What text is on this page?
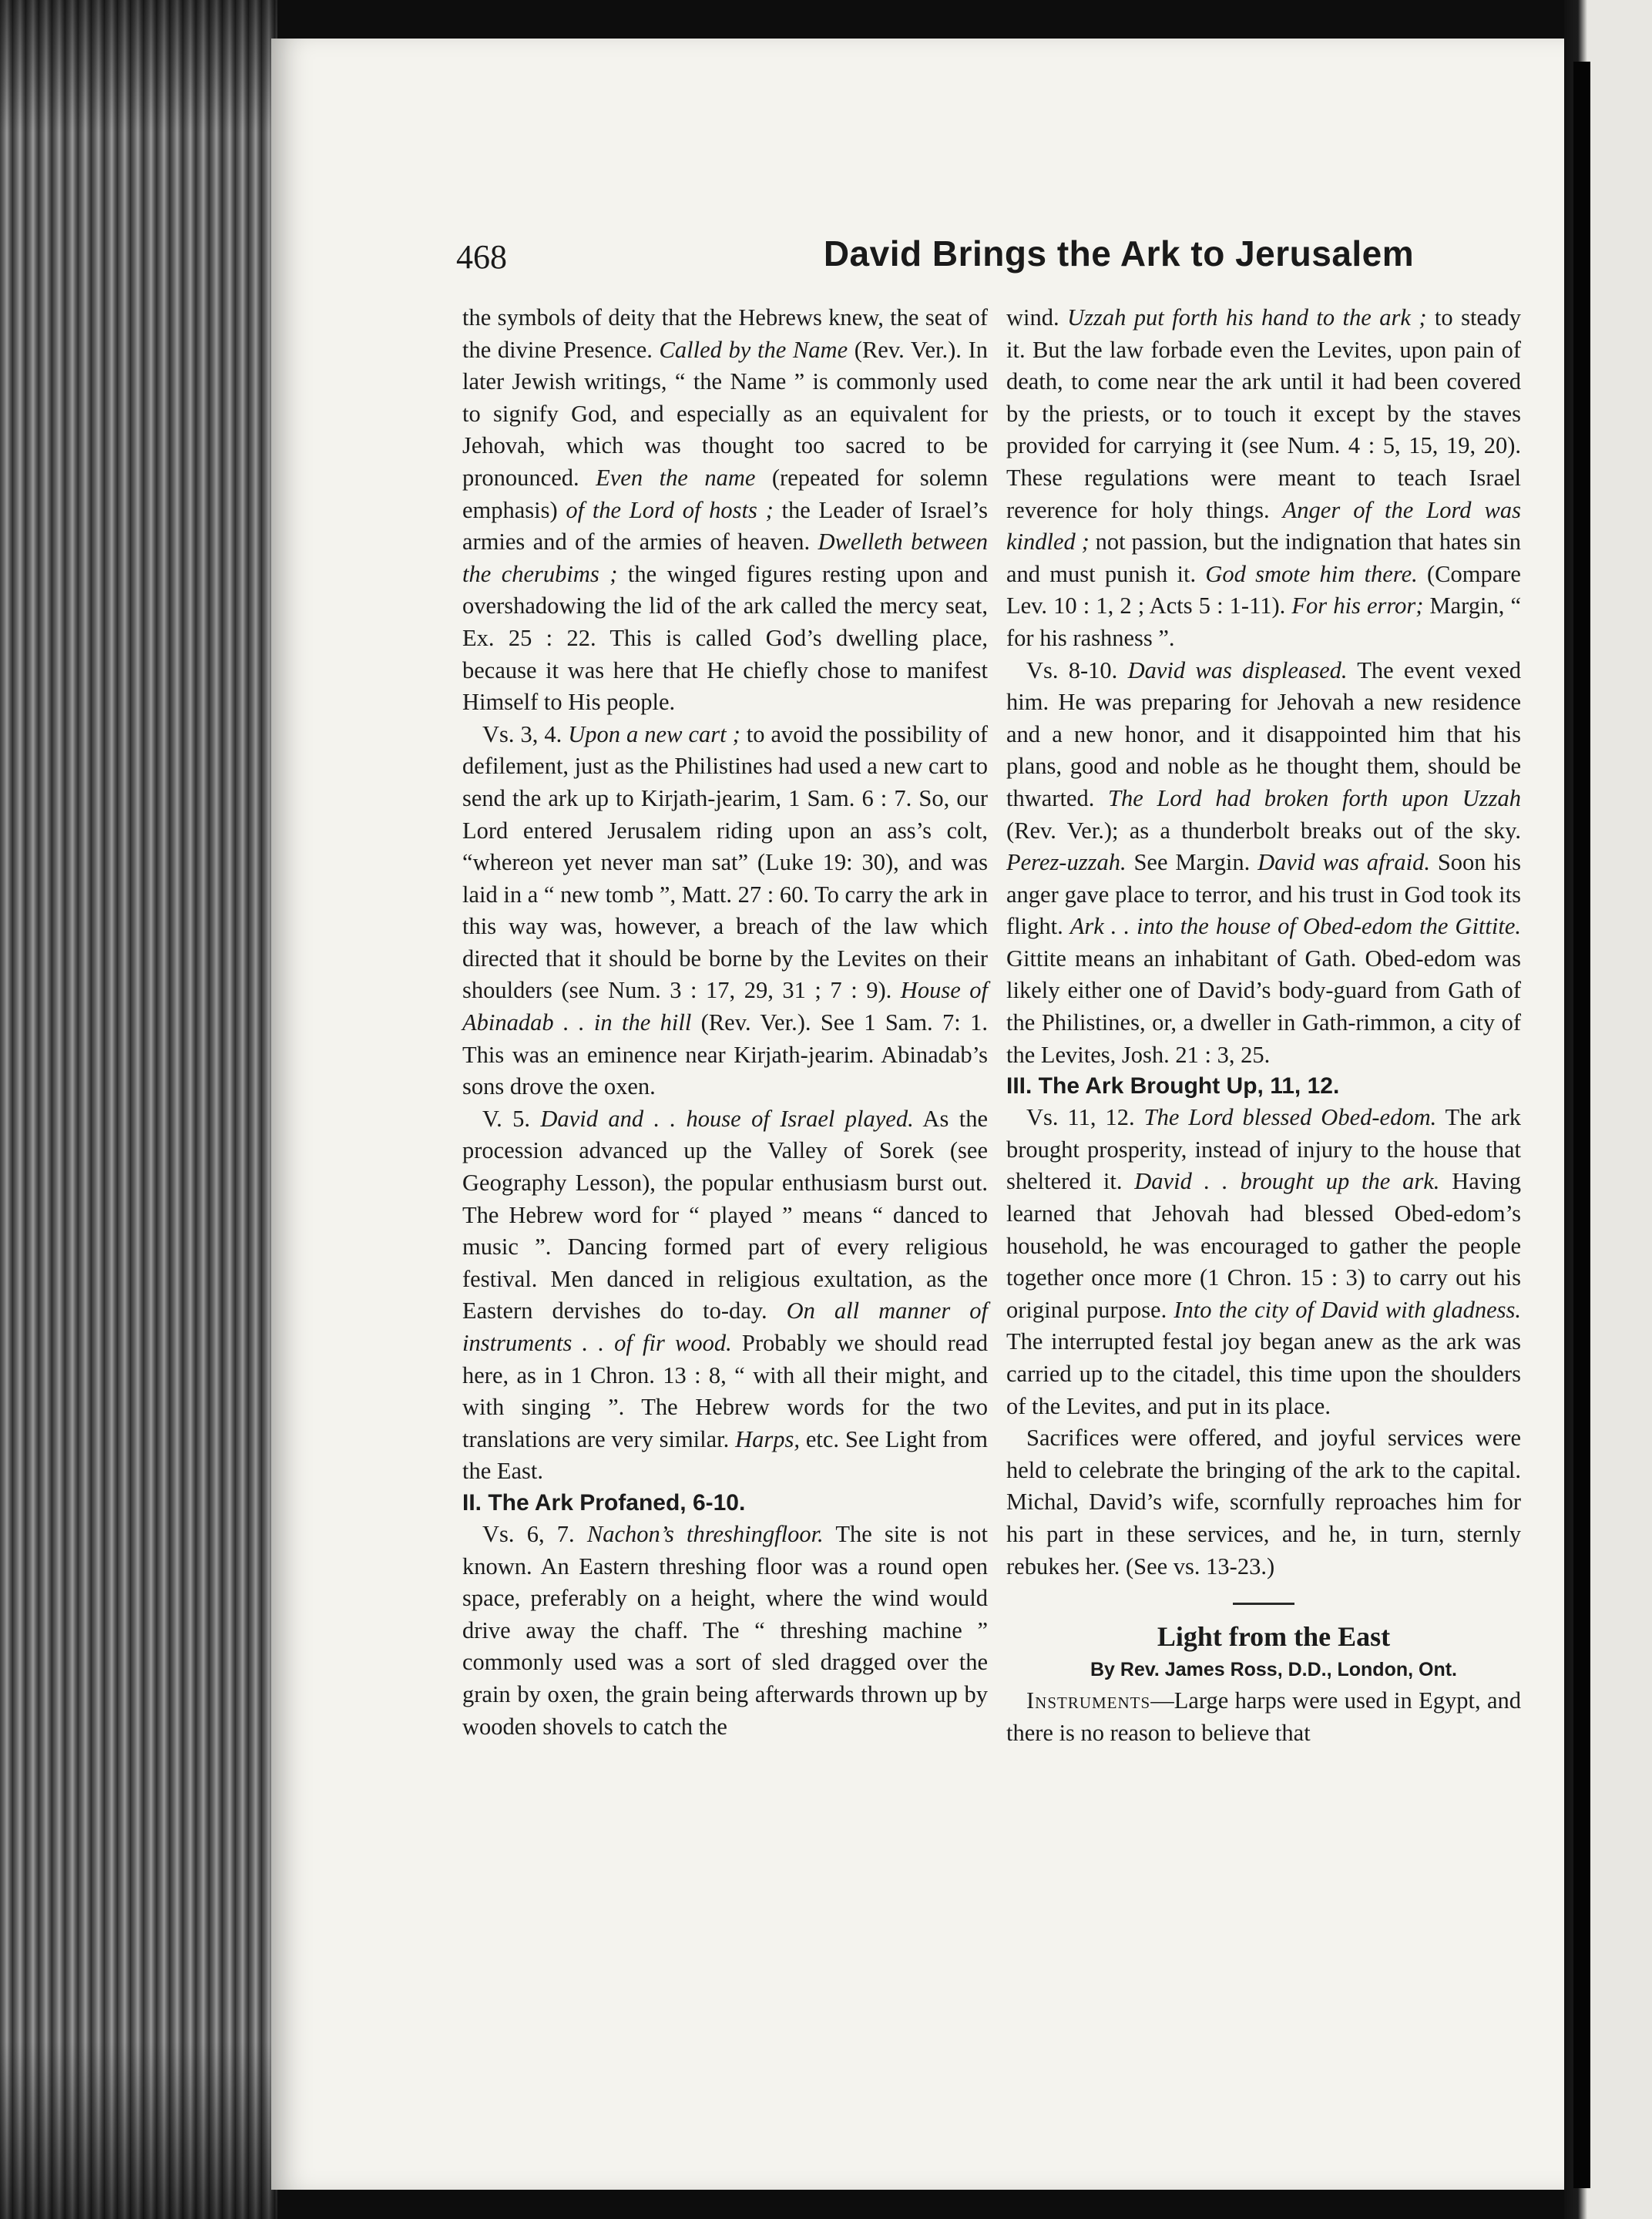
468	David Brings the Ark to Jerusalem

the symbols of deity that the Hebrews knew, the seat of the divine Presence. Called by the Name (Rev. Ver.). In later Jewish writings, “ the Name ” is commonly used to signify God, and especially as an equivalent for Jehovah, which was thought too sacred to be pronounced. Even the name (repeated for solemn emphasis) of the Lord of hosts ; the Leader of Israel’s armies and of the armies of heaven. Dwelleth between the cherubims ; the winged figures resting upon and overshadowing the lid of the ark called the mercy seat, Ex. 25 : 22. This is called God’s dwelling place, because it was here that He chiefly chose to manifest Himself to His people.

Vs. 3, 4. Upon a new cart ; to avoid the possibility of defilement, just as the Philistines had used a new cart to send the ark up to Kirjath-jearim, 1 Sam. 6 : 7. So, our Lord entered Jerusalem riding upon an ass’s colt, “whereon yet never man sat” (Luke 19: 30), and was laid in a “ new tomb ”, Matt. 27 : 60. To carry the ark in this way was, however, a breach of the law which directed that it should be borne by the Levites on their shoulders (see Num. 3 : 17, 29, 31 ; 7 : 9). House of Abinadab . . in the hill (Rev. Ver.). See 1 Sam. 7: 1. This was an eminence near Kirjath-jearim. Abinadab’s sons drove the oxen.

V. 5. David and . . house of Israel played. As the procession advanced up the Valley of Sorek (see Geography Lesson), the popular enthusiasm burst out. The Hebrew word for “ played ” means “ danced to music ”. Dancing formed part of every religious festival. Men danced in religious exultation, as the Eastern dervishes do to-day. On all manner of instruments . . of fir wood. Probably we should read here, as in 1 Chron. 13 : 8, “ with all their might, and with singing ”. The Hebrew words for the two translations are very similar. Harps, etc. See Light from the East.

II. The Ark Profaned, 6-10.

Vs. 6, 7. Nachon’s threshingfloor. The site is not known. An Eastern threshing floor was a round open space, preferably on a height, where the wind would drive away the chaff. The “ threshing machine ” commonly used was a sort of sled dragged over the grain by oxen, the grain being afterwards thrown up by wooden shovels to catch the

wind. Uzzah put forth his hand to the ark ; to steady it. But the law forbade even the Levites, upon pain of death, to come near the ark until it had been covered by the priests, or to touch it except by the staves provided for carrying it (see Num. 4 : 5, 15, 19, 20). These regulations were meant to teach Israel reverence for holy things. Anger of the Lord was kindled ; not passion, but the indignation that hates sin and must punish it. God smote him there. (Compare Lev. 10 : 1, 2 ; Acts 5 : 1-11). For his error; Margin, “ for his rashness ”.

Vs. 8-10. David was displeased. The event vexed him. He was preparing for Jehovah a new residence and a new honor, and it disappointed him that his plans, good and noble as he thought them, should be thwarted. The Lord had broken forth upon Uzzah (Rev. Ver.); as a thunderbolt breaks out of the sky. Perez-uzzah. See Margin. David was afraid. Soon his anger gave place to terror, and his trust in God took its flight. Ark . . into the house of Obed-edom the Gittite. Gittite means an inhabitant of Gath. Obed-edom was likely either one of David’s body-guard from Gath of the Philistines, or, a dweller in Gath-rimmon, a city of the Levites, Josh. 21 : 3, 25.

III. The Ark Brought Up, 11, 12.

Vs. 11, 12. The Lord blessed Obed-edom. The ark brought prosperity, instead of injury to the house that sheltered it. David . . brought up the ark. Having learned that Jehovah had blessed Obed-edom’s household, he was encouraged to gather the people together once more (1 Chron. 15 : 3) to carry out his original purpose. Into the city of David with gladness. The interrupted festal joy began anew as the ark was carried up to the citadel, this time upon the shoulders of the Levites, and put in its place.

Sacrifices were offered, and joyful services were held to celebrate the bringing of the ark to the capital. Michal, David’s wife, scornfully reproaches him for his part in these services, and he, in turn, sternly rebukes her. (See vs. 13-23.)

Light from the East

By Rev. James Ross, D.D., London, Ont.

Instruments—Large harps were used in Egypt, and there is no reason to believe that
